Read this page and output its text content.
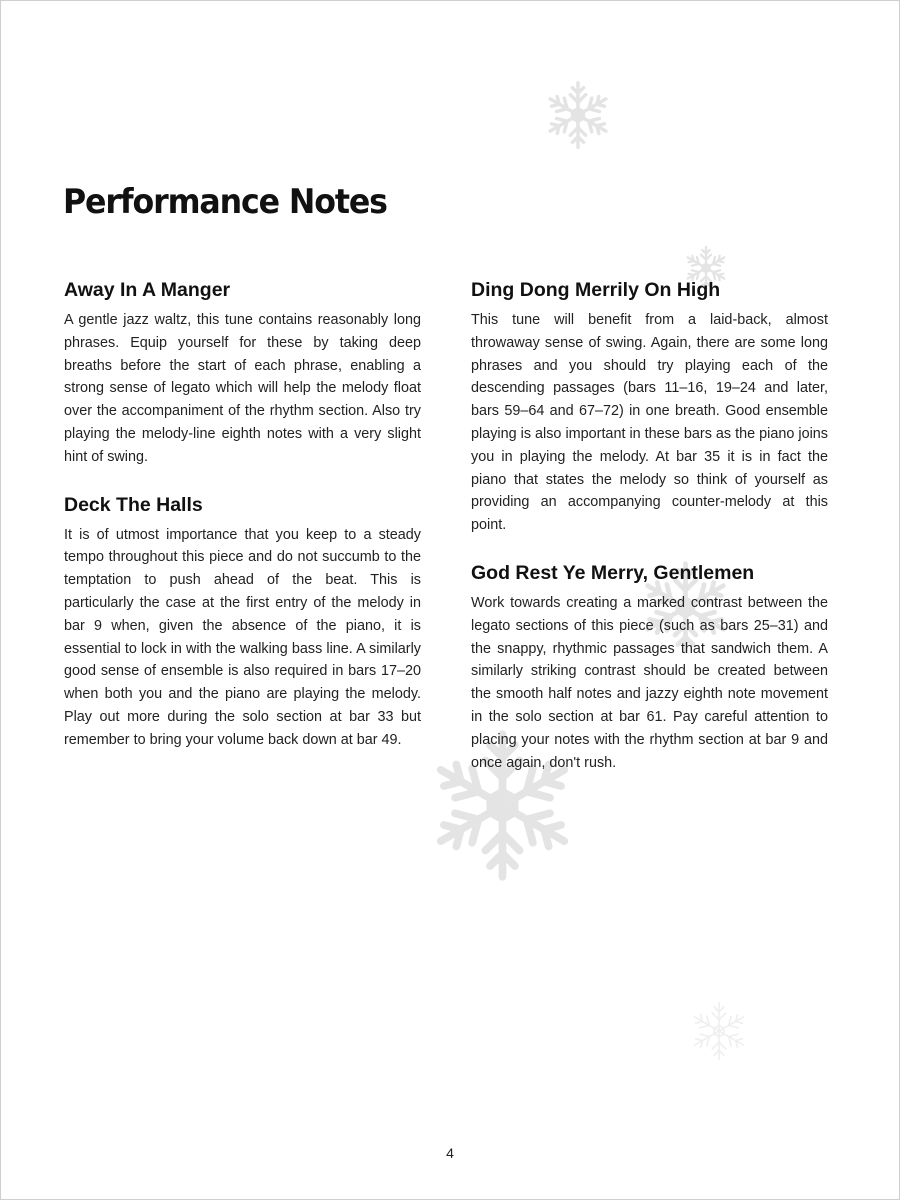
Performance Notes
Away In A Manger

A gentle jazz waltz, this tune contains reasonably long phrases. Equip yourself for these by taking deep breaths before the start of each phrase, enabling a strong sense of legato which will help the melody float over the accompaniment of the rhythm section. Also try playing the melody-line eighth notes with a very slight hint of swing.

Deck The Halls

It is of utmost importance that you keep to a steady tempo throughout this piece and do not succumb to the temptation to push ahead of the beat. This is particularly the case at the first entry of the melody in bar 9 when, given the absence of the piano, it is essential to lock in with the walking bass line. A similarly good sense of ensemble is also required in bars 17–20 when both you and the piano are playing the melody. Play out more during the solo section at bar 33 but remember to bring your volume back down at bar 49.

Ding Dong Merrily On High

This tune will benefit from a laid-back, almost throwaway sense of swing. Again, there are some long phrases and you should try playing each of the descending passages (bars 11–16, 19–24 and later, bars 59–64 and 67–72) in one breath. Good ensemble playing is also important in these bars as the piano joins you in playing the melody. At bar 35 it is in fact the piano that states the melody so think of yourself as providing an accompanying counter-melody at this point.

God Rest Ye Merry, Gentlemen

Work towards creating a marked contrast between the legato sections of this piece (such as bars 25–31) and the snappy, rhythmic passages that sandwich them. A similarly striking contrast should be created between the smooth half notes and jazzy eighth note movement in the solo section at bar 61. Pay careful attention to placing your notes with the rhythm section at bar 9 and once again, don't rush.

4
